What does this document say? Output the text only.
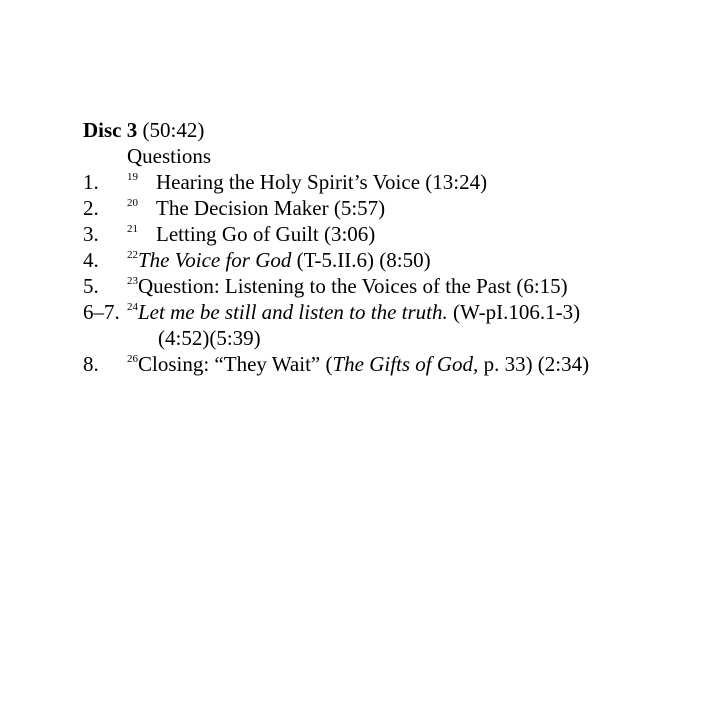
Disc 3 (50:42)
Questions
1.	$^{19}$ Hearing the Holy Spirit’s Voice (13:24)
2.	$^{20}$ The Decision Maker (5:57)
3.	$^{21}$ Letting Go of Guilt (3:06)
4.	$^{22}$The Voice for God (T-5.II.6) (8:50)
5.	$^{23}$Question: Listening to the Voices of the Past (6:15)
6–7. $^{24}$Let me be still and listen to the truth. (W-pI.106.1-3)
(4:52)(5:39)
8.	$^{26}$Closing: “They Wait” (The Gifts of God, p. 33) (2:34)
